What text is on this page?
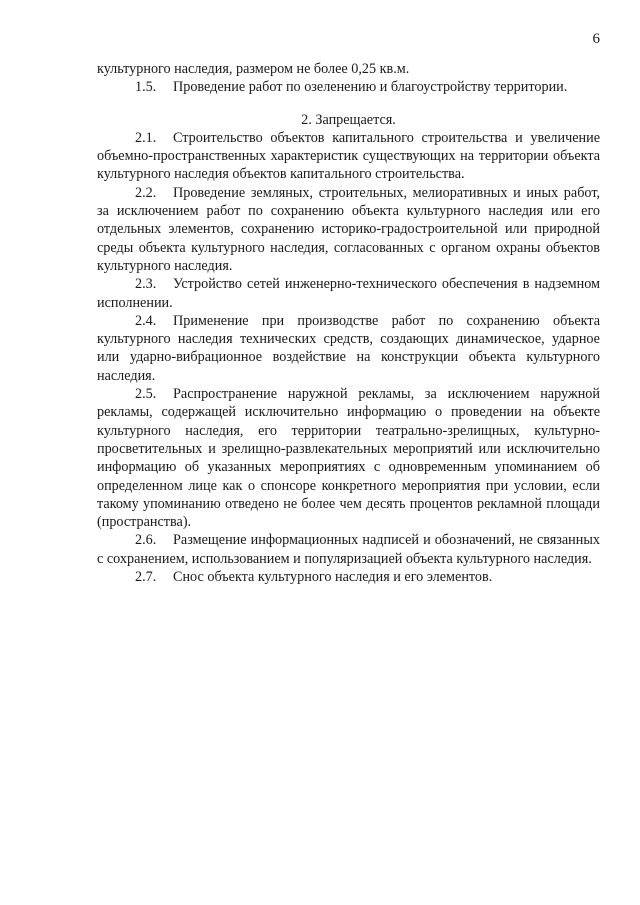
6

культурного наследия, размером не более 0,25 кв.м.

1.5. Проведение работ по озеленению и благоустройству территории.

2. Запрещается.

2.1. Строительство объектов капитального строительства и увеличение объемно-пространственных характеристик существующих на территории объекта культурного наследия объектов капитального строительства.

2.2. Проведение земляных, строительных, мелиоративных и иных работ, за исключением работ по сохранению объекта культурного наследия или его отдельных элементов, сохранению историко-градостроительной или природной среды объекта культурного наследия, согласованных с органом охраны объектов культурного наследия.

2.3. Устройство сетей инженерно-технического обеспечения в надземном исполнении.

2.4. Применение при производстве работ по сохранению объекта культурного наследия технических средств, создающих динамическое, ударное или ударно-вибрационное воздействие на конструкции объекта культурного наследия.

2.5. Распространение наружной рекламы, за исключением наружной рекламы, содержащей исключительно информацию о проведении на объекте культурного наследия, его территории театрально-зрелищных, культурно-просветительных и зрелищно-развлекательных мероприятий или исключительно информацию об указанных мероприятиях с одновременным упоминанием об определенном лице как о спонсоре конкретного мероприятия при условии, если такому упоминанию отведено не более чем десять процентов рекламной площади (пространства).

2.6. Размещение информационных надписей и обозначений, не связанных с сохранением, использованием и популяризацией объекта культурного наследия.

2.7. Снос объекта культурного наследия и его элементов.
